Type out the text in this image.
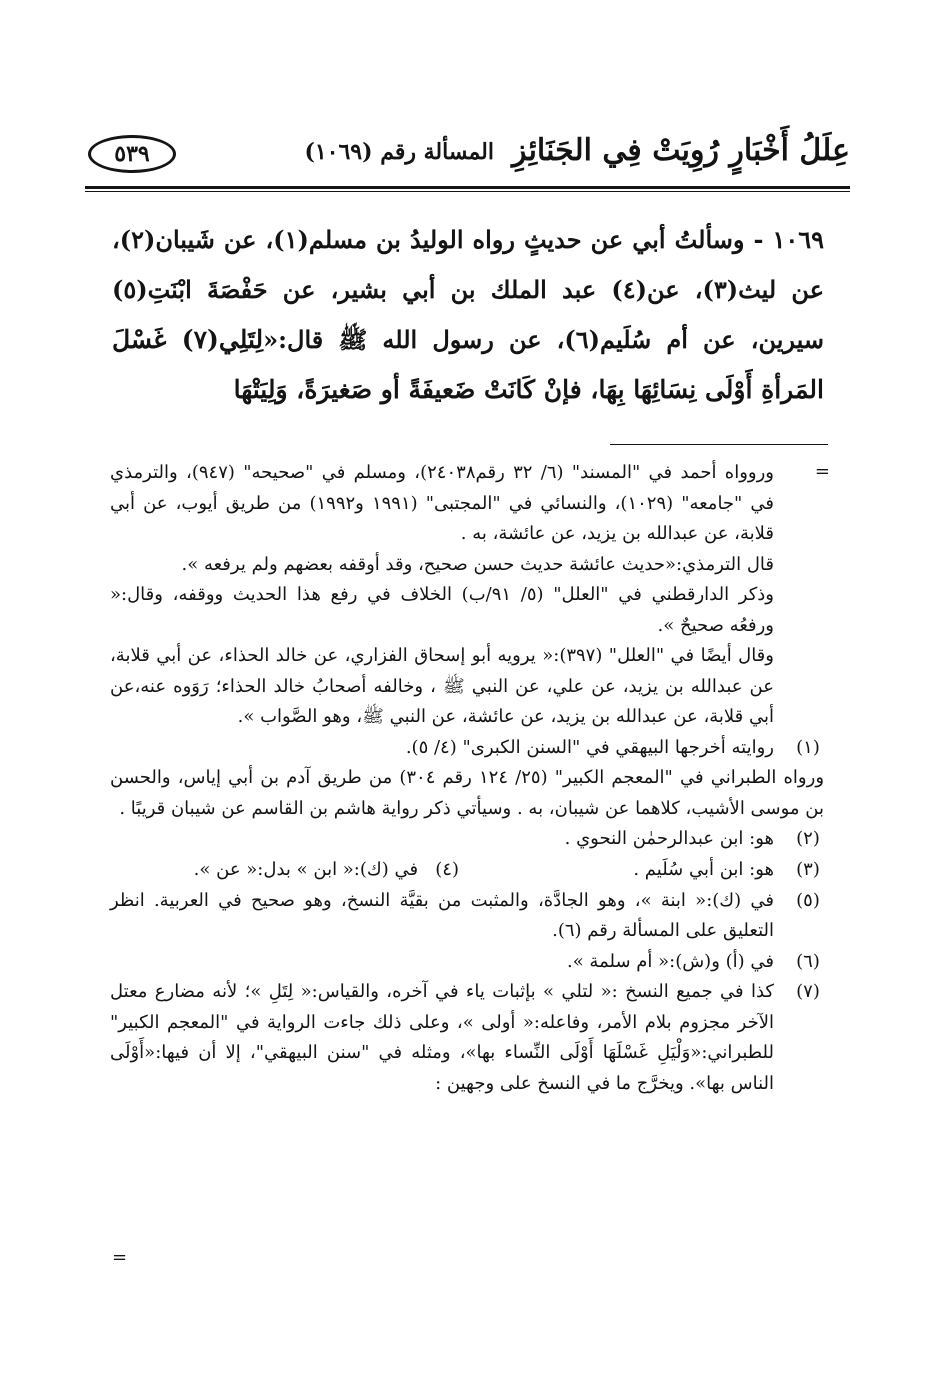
عِلَلُ أَخْبَارٍ رُوِيَتْ فِي الجَنَائِزِ
المسألة رقم (١٠٦٩)
٥٣٩

١٠٦٩ - وسألتُ أبي عن حديثٍ رواه الوليدُ بن مسلم(١)، عن شَيبان(٢)، عن ليث(٣)، عن(٤) عبد الملك بن أبي بشير، عن حَفْصَةَ ابْنَتِ(٥) سيرين، عن أم سُلَيم(٦)، عن رسول الله ﷺ قال:«لِتَلِي(٧) غَسْلَ المَرأةِ أَوْلَى نِسَائِهَا بِهَا، فإنْ كَانَتْ ضَعيفَةً أو صَغيرَةً، وَلِيَتْهَا

=

وروواه أحمد في "المسند" (٦/ ٣٢ رقم٢٤٠٣٨)، ومسلم في "صحيحه" (٩٤٧)، والترمذي في "جامعه" (١٠٢٩)، والنسائي في "المجتبى" (١٩٩١ و١٩٩٢) من طريق أيوب، عن أبي قلابة، عن عبدالله بن يزيد، عن عائشة، به .

قال الترمذي:«حديث عائشة حديث حسن صحيح، وقد أوقفه بعضهم ولم يرفعه ».

وذكر الدارقطني في "العلل" (٥/ ٩١/ب) الخلاف في رفع هذا الحديث ووقفه، وقال:« ورفعُه صحيحٌ ».

وقال أيضًا في "العلل" (٣٩٧):« يرويه أبو إسحاق الفزاري، عن خالد الحذاء، عن أبي قلابة، عن عبدالله بن يزيد، عن علي، عن النبي ﷺ ، وخالفه أصحابُ خالد الحذاء؛ رَوَوه عنه،عن أبي قلابة، عن عبدالله بن يزيد، عن عائشة، عن النبي ﷺ، وهو الصَّواب ».

(١)
روايته أخرجها البيهقي في "السنن الكبرى" (٤/ ٥).

ورواه الطبراني في "المعجم الكبير" (٢٥/ ١٢٤ رقم ٣٠٤) من طريق آدم بن أبي إياس، والحسن بن موسى الأشيب، كلاهما عن شيبان، به . وسيأتي ذكر رواية هاشم بن القاسم عن شيبان قريبًا .

(٢)
هو: ابن عبدالرحمٰن النحوي .

(٣)
هو: ابن أبي سُلَيم .
(٤)   في (ك):« ابن » بدل:« عن ».

(٥)
في (ك):« ابنة »، وهو الجادَّة، والمثبت من بقيَّة النسخ، وهو صحيح في العربية. انظر التعليق على المسألة رقم (٦).

(٦)
في (أ) و(ش):« أم سلمة ».

(٧)
كذا في جميع النسخ :« لتلي » بإثبات ياء في آخره، والقياس:« لِتَلِ »؛ لأنه مضارع معتل الآخر مجزوم بلام الأمر، وفاعله:« أولى »، وعلى ذلك جاءت الرواية في "المعجم الكبير" للطبراني:«وَلْيَلِ غَسْلَهَا أَوْلَى النِّساء بها»، ومثله في "سنن البيهقي"، إلا أن فيها:«أَوْلَى الناس بها». ويخرَّج ما في النسخ على وجهين :

=
